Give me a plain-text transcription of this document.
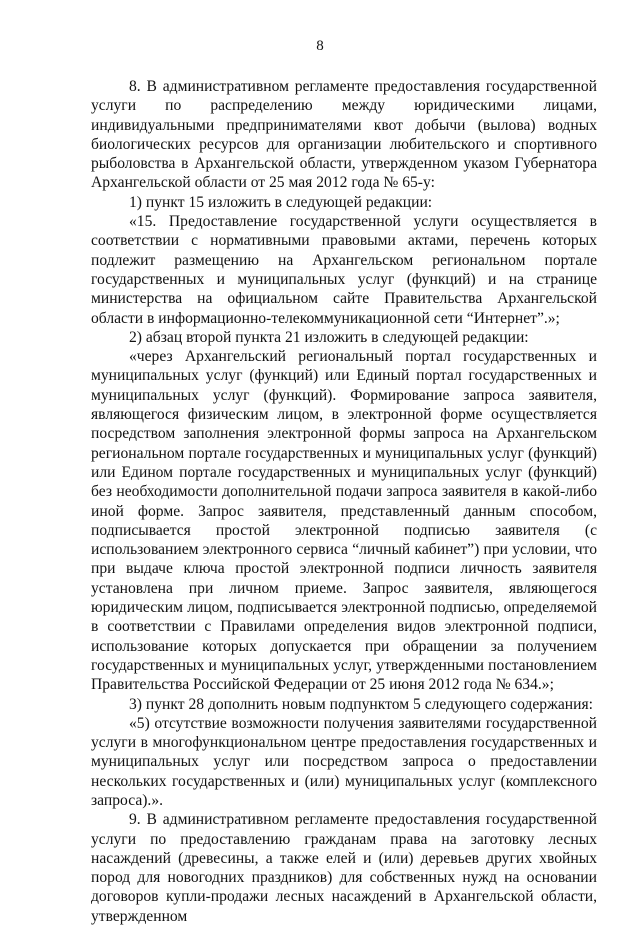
8

8. В административном регламенте предоставления государственной услуги по распределению между юридическими лицами, индивидуальными предпринимателями квот добычи (вылова) водных биологических ресурсов для организации любительского и спортивного рыболовства в Архангельской области, утвержденном указом Губернатора Архангельской области от 25 мая 2012 года № 65-у:

1) пункт 15 изложить в следующей редакции:

«15. Предоставление государственной услуги осуществляется в соответствии с нормативными правовыми актами, перечень которых подлежит размещению на Архангельском региональном портале государственных и муниципальных услуг (функций) и на странице министерства на официальном сайте Правительства Архангельской области в информационно-телекоммуникационной сети “Интернет”.»;

2) абзац второй пункта 21 изложить в следующей редакции:

«через Архангельский региональный портал государственных и муниципальных услуг (функций) или Единый портал государственных и муниципальных услуг (функций). Формирование запроса заявителя, являющегося физическим лицом, в электронной форме осуществляется посредством заполнения электронной формы запроса на Архангельском региональном портале государственных и муниципальных услуг (функций) или Едином портале государственных и муниципальных услуг (функций) без необходимости дополнительной подачи запроса заявителя в какой-либо иной форме. Запрос заявителя, представленный данным способом, подписывается простой электронной подписью заявителя (с использованием электронного сервиса “личный кабинет”) при условии, что при выдаче ключа простой электронной подписи личность заявителя установлена при личном приеме. Запрос заявителя, являющегося юридическим лицом, подписывается электронной подписью, определяемой в соответствии с Правилами определения видов электронной подписи, использование которых допускается при обращении за получением государственных и муниципальных услуг, утвержденными постановлением Правительства Российской Федерации от 25 июня 2012 года № 634.»;

3) пункт 28 дополнить новым подпунктом 5 следующего содержания:

«5) отсутствие возможности получения заявителями государственной услуги в многофункциональном центре предоставления государственных и муниципальных услуг или посредством запроса о предоставлении нескольких государственных и (или) муниципальных услуг (комплексного запроса).».

9. В административном регламенте предоставления государственной услуги по предоставлению гражданам права на заготовку лесных насаждений (древесины, а также елей и (или) деревьев других хвойных пород для новогодних праздников) для собственных нужд на основании договоров купли-продажи лесных насаждений в Архангельской области, утвержденном
